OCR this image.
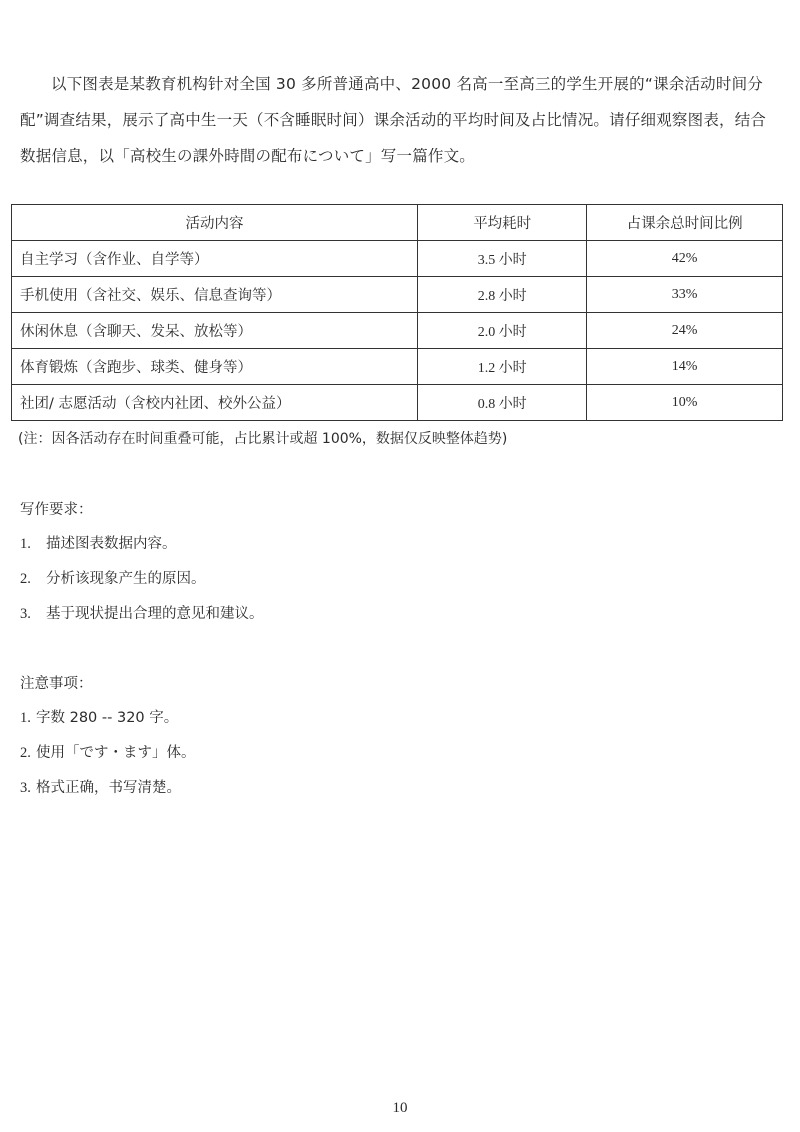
以下图表是某教育机构针对全国 30 多所普通高中、2000 名高一至高三的学生开展的“课余活动时间分配”调查结果，展示了高中生一天（不含睡眠时间）课余活动的平均时间及占比情况。请仔细观察图表，结合数据信息，以「高校生の課外時間の配布について」写一篇作文。

活动内容	平均耗时	占课余总时间比例
自主学习（含作业、自学等）	3.5 小时	42%
手机使用（含社交、娱乐、信息查询等）	2.8 小时	33%
休闲休息（含聊天、发呆、放松等）	2.0 小时	24%
体育锻炼（含跑步、球类、健身等）	1.2 小时	14%
社团/ 志愿活动（含校内社团、校外公益）	0.8 小时	10%

(注：因各活动存在时间重叠可能，占比累计或超 100%，数据仅反映整体趋势)

写作要求：

1. 描述图表数据内容。
2. 分析该现象产生的原因。
3. 基于现状提出合理的意见和建议。

注意事项：

1. 字数 280 -- 320 字。
2. 使用「です・ます」体。
3. 格式正确，书写清楚。
10
